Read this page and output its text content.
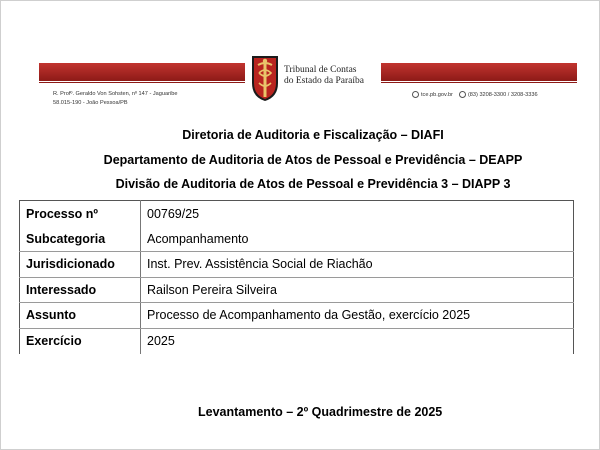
Tribunal de Contas
do Estado da Paraíba
R. Profº. Geraldo Von Sohsten, nº 147 - Jaguaribe
58.015-190 - João Pessoa/PB
tce.pb.gov.br	(83) 3208-3300 / 3208-3336
Diretoria de Auditoria e Fiscalização – DIAFI
Departamento de Auditoria de Atos de Pessoal e Previdência – DEAPP
Divisão de Auditoria de Atos de Pessoal e Previdência 3 – DIAPP 3
Processo nº	00769/25
Subcategoria	Acompanhamento
Jurisdicionado	Inst. Prev. Assistência Social de Riachão
Interessado	Railson Pereira Silveira
Assunto	Processo de Acompanhamento da Gestão, exercício 2025
Exercício	2025
Levantamento – 2º Quadrimestre de 2025
